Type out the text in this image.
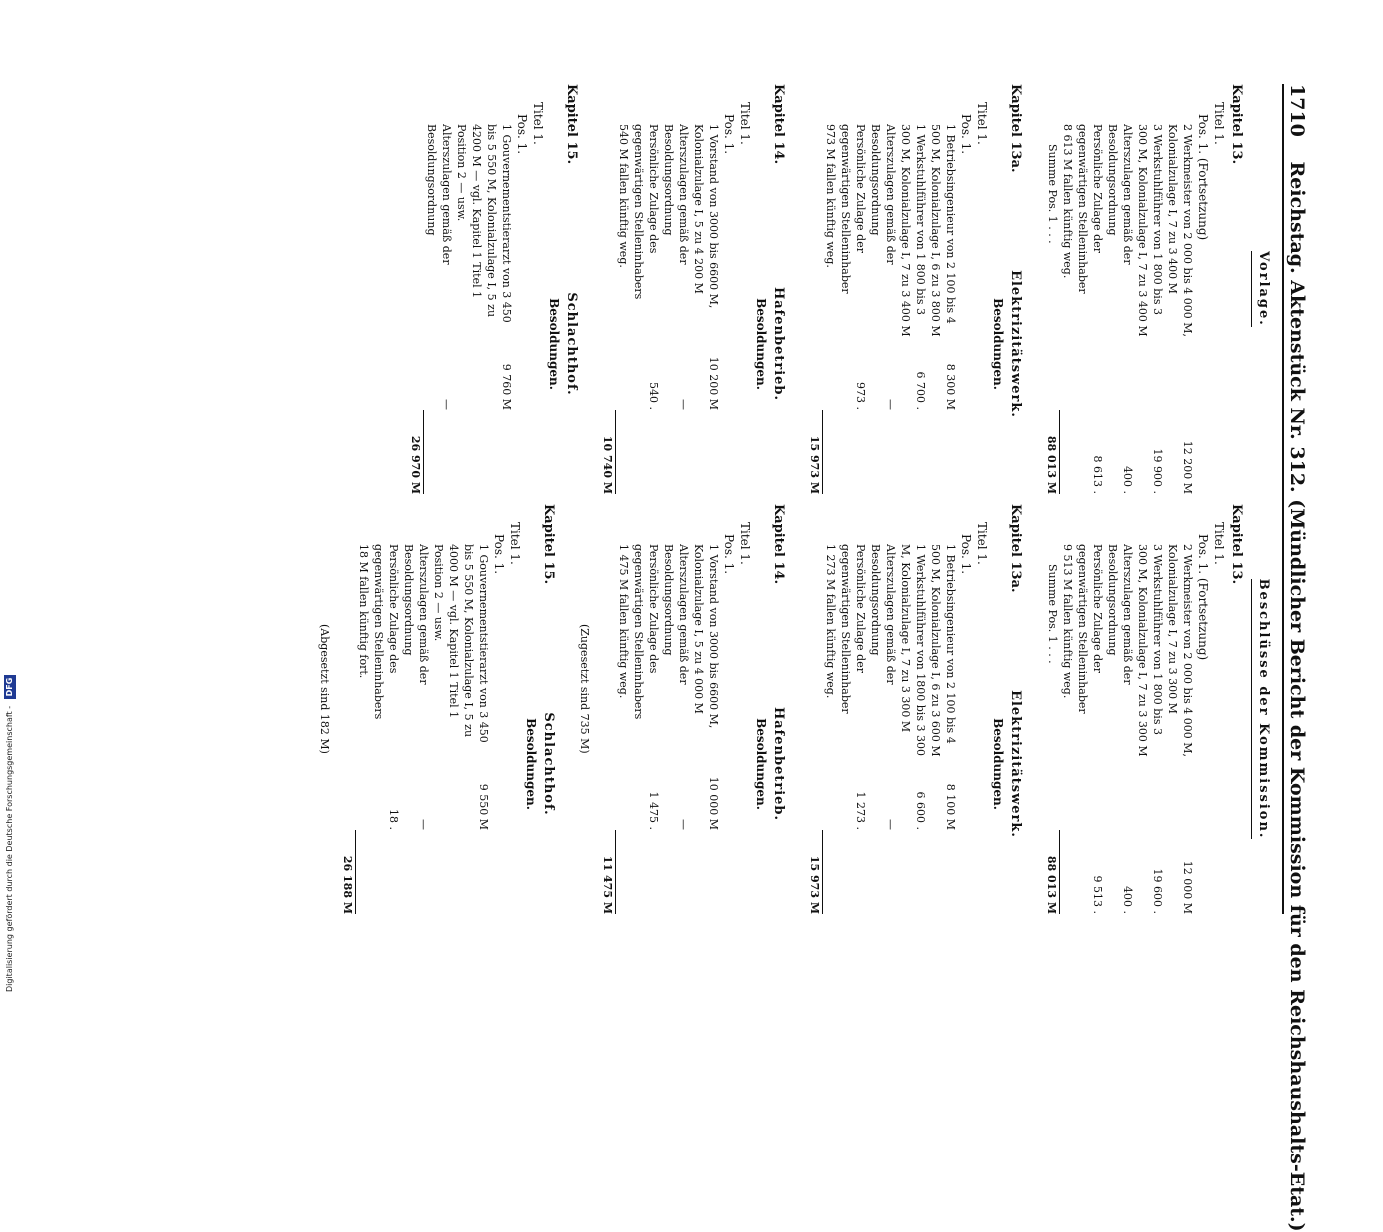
1710 Reichstag. Aktenstück Nr. 312. (Mündlicher Bericht der Kommission für den Reichshaushalts-Etat.)
Vorlage.
Kapitel 13.
Titel 1.
Pos. 1. (Fortsetzung)
2 Werkmeister von 2 000 bis 4 000 M, Kolonialzulage I, 7 zu 3 400 M
12 200 M
3 Werkstuhlführer von 1 800 bis 3 300 M, Kolonialzulage I, 7 zu 3 400 M
19 900 .
Alterszulagen gemäß der Besoldungsordnung
400 .
Persönliche Zulage der gegenwärtigen Stelleninhaber
8 613 .
8 613 M fallen künftig weg.
Summe Pos. 1 . . .
88 013 M
Kapitel 13a.
Elektrizitätswerk.
Besoldungen.
Titel 1.
Pos. 1.
1 Betriebsingenieur von 2 100 bis 4 500 M, Kolonialzulage I, 6 zu 3 800 M
8 300 M
1 Werkstuhlführer von 1 800 bis 3 300 M, Kolonialzulage I, 7 zu 3 400 M
6 700 .
Alterszulagen gemäß der Besoldungsordnung
—
Persönliche Zulage der gegenwärtigen Stelleninhaber
973 .
973 M fallen künftig weg.
15 973 M
Kapitel 14.
Hafenbetrieb.
Besoldungen.
Titel 1.
Pos. 1.
1 Vorstand von 3000 bis 6600 M, Kolonialzulage I, 5 zu 4 200 M
10 200 M
Alterszulagen gemäß der Besoldungsordnung
—
Persönliche Zulage des gegenwärtigen Stelleninhabers
540 .
540 M fallen künftig weg.
10 740 M
Kapitel 15.
Schlachthof.
Besoldungen.
Titel 1.
Pos. 1.
1 Gouvernementstierarzt von 3 450 bis 5 550 M, Kolonialzulage I, 5 zu 4200 M — vgl. Kapitel 1 Titel 1 Position 2 — usw.
9 760 M
Alterszulagen gemäß der Besoldungsordnung
—
26 970 M
Beschlüsse der Kommission.
Kapitel 13.
Titel 1.
Pos. 1. (Fortsetzung)
2 Werkmeister von 2 000 bis 4 000 M, Kolonialzulage I, 7 zu 3 300 M
12 000 M
3 Werkstuhlführer von 1 800 bis 3 300 M, Kolonialzulage I, 7 zu 3 300 M
19 600 .
Alterszulagen gemäß der Besoldungsordnung
400 .
Persönliche Zulage der gegenwärtigen Stelleninhaber
9 513 .
9 513 M fallen künftig weg.
Summe Pos. 1 . . .
88 013 M
Kapitel 13a.
Elektrizitätswerk.
Besoldungen.
Titel 1.
Pos. 1.
1 Betriebsingenieur von 2 100 bis 4 500 M, Kolonialzulage I, 6 zu 3 600 M
8 100 M
1 Werkstuhlführer von 1800 bis 3 300 M, Kolonialzulage I, 7 zu 3 300 M
6 600 .
Alterszulagen gemäß der Besoldungsordnung
—
Persönliche Zulage der gegenwärtigen Stelleninhaber
1 273 .
1 273 M fallen künftig weg.
15 973 M
Kapitel 14.
Hafenbetrieb.
Besoldungen.
Titel 1.
Pos. 1.
1 Vorstand von 3000 bis 6600 M, Kolonialzulage I, 5 zu 4 000 M
10 000 M
Alterszulagen gemäß der Besoldungsordnung
—
Persönliche Zulage des gegenwärtigen Stelleninhabers
1 475 .
1 475 M fallen künftig weg.
11 475 M
(Zugesetzt sind 735 M)
Kapitel 15.
Schlachthof.
Besoldungen.
Titel 1.
Pos. 1.
1 Gouvernementstierarzt von 3 450 bis 5 550 M, Kolonialzulage I, 5 zu 4000 M — vgl. Kapitel 1 Titel 1 Position 2 — usw.
9 550 M
Alterszulagen gemäß der Besoldungsordnung
—
Persönliche Zulage des gegenwärtigen Stelleninhabers
18 .
18 M fallen künftig fort.
26 188 M
(Abgesetzt sind 182 M)
Digitalisierung gefördert durch die Deutsche Forschungsgemeinschaft - DFG
